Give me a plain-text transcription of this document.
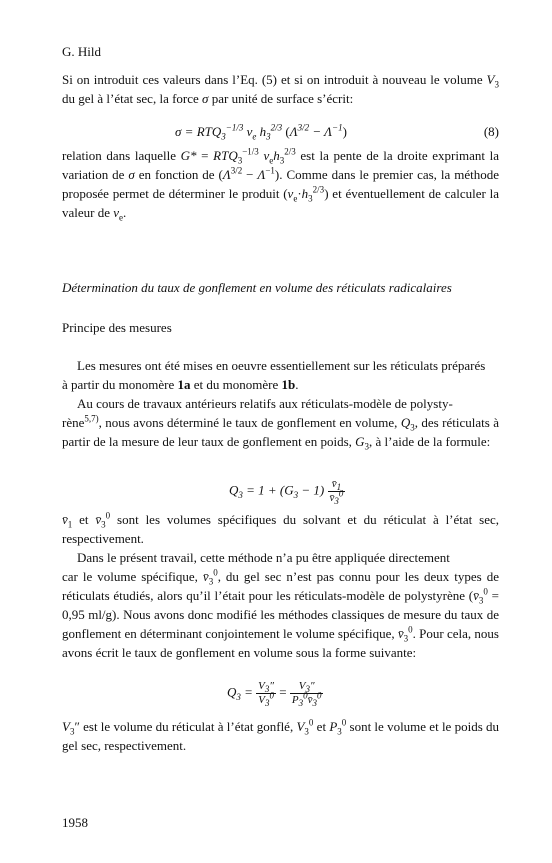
G. Hild
Si on introduit ces valeurs dans l’Eq. (5) et si on introduit à nouveau le volume $V_3$ du gel à l’état sec, la force σ par unité de surface s’écrit:
$\sigma = RTQ_3^{-1/3}$ $\nu_e$ $h_3^{2/3}$ $(\Lambda^{3/2} - \Lambda^{-1})$	(8)
relation dans laquelle $G* = RTQ_3^{-1/3}$ $\nu_eh_3^{2/3}$ est la pente de la droite exprimant la variation de σ en fonction de $(\Lambda^{3/2} - \Lambda^{-1})$. Comme dans le premier cas, la méthode proposée permet de déterminer le produit $(\nu_e\cdot h_3^{2/3})$ et éventuellement de calculer la valeur de $\nu_e$.
Détermination du taux de gonflement en volume des réticulats radicalaires
Principe des mesures
Les mesures ont été mises en oeuvre essentiellement sur les réticulats préparés
à partir du monomère 1a et du monomère 1b.
Au cours de travaux antérieurs relatifs aux réticulats-modèle de polysty-
rène$^{5,7)}$, nous avons déterminé le taux de gonflement en volume, $Q_3$, des réticulats à partir de la mesure de leur taux de gonflement en poids, $G_3$, à l’aide de la formule:
$Q_3 = 1 + (G_3 - 1) \frac{v̄_1}{v̄_3^0}$
$v̄_1$ et $v̄_3^0$ sont les volumes spécifiques du solvant et du réticulat à l’état sec, respectivement.
Dans le présent travail, cette méthode n’a pu être appliquée directement
car le volume spécifique, $v̄_3^0$, du gel sec n’est pas connu pour les deux types de réticulats étudiés, alors qu’il l’était pour les réticulats-modèle de polystyrène ($v̄_3^0 = 0,95$ ml/g). Nous avons donc modifié les méthodes classiques de mesure du taux de gonflement en déterminant conjointement le volume spécifique, $v̄_3^0$. Pour cela, nous avons écrit le taux de gonflement en volume sous la forme suivante:
$Q_3 = \frac{V_3''}{V_3^0} = \frac{V_3''}{P_3^0v̄_3^0}$
$V_3''$ est le volume du réticulat à l’état gonflé, $V_3^0$ et $P_3^0$ sont le volume et le poids du gel sec, respectivement.
1958
